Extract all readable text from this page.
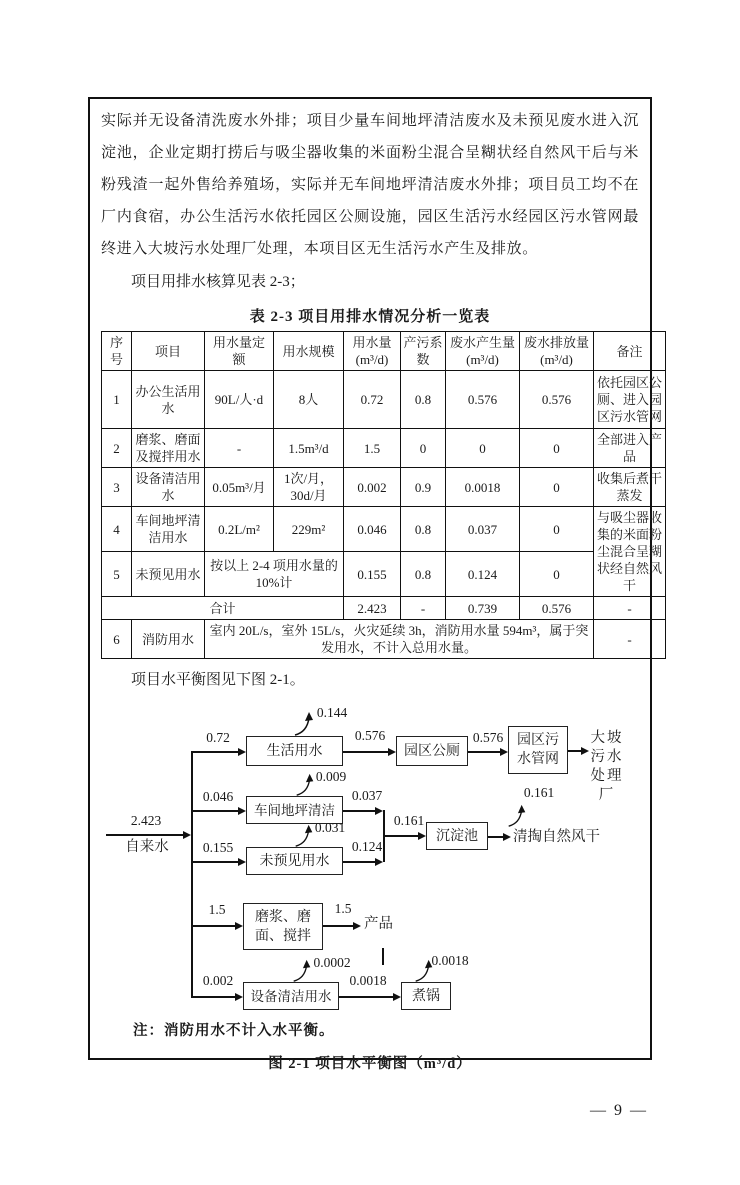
实际并无设备清洗废水外排；项目少量车间地坪清洁废水及未预见废水进入沉淀池，企业定期打捞后与吸尘器收集的米面粉尘混合呈糊状经自然风干后与米粉残渣一起外售给养殖场，实际并无车间地坪清洁废水外排；项目员工均不在厂内食宿，办公生活污水依托园区公厕设施，园区生活污水经园区污水管网最终进入大坡污水处理厂处理，本项目区无生活污水产生及排放。

项目用排水核算见表 2-3；

表 2-3 项目用排水情况分析一览表
序号	项目	用水量定额	用水规模	用水量 (m³/d)	产污系数	废水产生量(m³/d)	废水排放量(m³/d)	备注
1	办公生活用水	90L/人·d	8人	0.72	0.8	0.576	0.576	依托园区公厕、进入园区污水管网
2	磨浆、磨面及搅拌用水	-	1.5m³/d	1.5	0	0	0	全部进入产品
3	设备清洁用水	0.05m³/月	1次/月，30d/月	0.002	0.9	0.0018	0	收集后煮干蒸发
4	车间地坪清洁用水	0.2L/m²	229m²	0.046	0.8	0.037	0	与吸尘器收集的米面粉尘混合呈糊状经自然风干
5	未预见用水	按以上 2-4 项用水量的 10%计		0.155	0.8	0.124	0	
合计				2.423	-	0.739	0.576	-
6	消防用水	室内 20L/s，室外 15L/s，火灾延续 3h，消防用水量 594m³，属于突发用水，不计入总用水量。						-

项目水平衡图见下图 2-1。

2.423
自来水
0.72
生活用水
0.144
0.576
园区公厕
0.576 园区污水管网
大坡污水处理厂
0.046
车间地坪清洁
0.009
0.037
0.155
未预见用水
0.031
0.124
0.161
沉淀池	清掏自然风干
0.161
1.5	磨浆、磨面、搅拌
1.5
产品
0.002
设备清洁用水
0.0002
0.0018
煮锅
0.0018

注：消防用水不计入水平衡。

图 2-1 项目水平衡图（m³/d）
— 9 —
